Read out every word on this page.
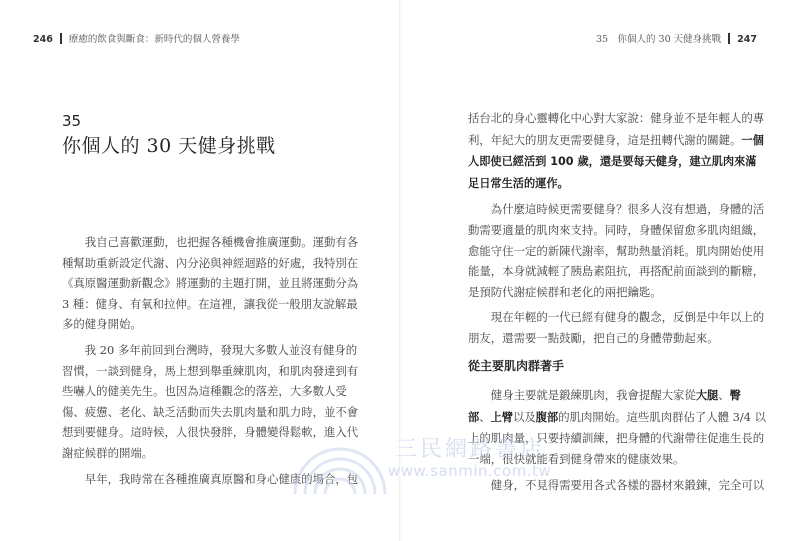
246 療癒的飲食與斷食：新時代的個人營養學
35
你個人的 30 天健身挑戰

我自己喜歡運動，也把握各種機會推廣運動。運動有各
種幫助重新設定代謝、內分泌與神經迴路的好處，我特別在
《真原醫運動新觀念》將運動的主題打開，並且將運動分為
3 種：健身、有氧和拉伸。在這裡，讓我從一般朋友說解最
多的健身開始。

我 20 多年前回到台灣時，發現大多數人並沒有健身的
習慣，一談到健身，馬上想到舉重練肌肉，和肌肉發達到有
些嚇人的健美先生。也因為這種觀念的落差，大多數人受
傷、疲憊、老化、缺乏活動而失去肌肉量和肌力時，並不會
想到要健身。這時候，人很快發胖，身體變得鬆軟，進入代
謝症候群的開端。

早年，我時常在各種推廣真原醫和身心健康的場合，包

35　你個人的 30 天健身挑戰 247

括台北的身心靈轉化中心對大家說：健身並不是年輕人的專
利，年紀大的朋友更需要健身，這是扭轉代謝的關鍵。一個
人即使已經活到 100 歲，還是要每天健身，建立肌肉來滿
足日常生活的運作。

為什麼這時候更需要健身？很多人沒有想過，身體的活
動需要適量的肌肉來支持。同時，身體保留愈多肌肉組織，
愈能守住一定的新陳代謝率，幫助熱量消耗。肌肉開始使用
能量，本身就減輕了胰島素阻抗，再搭配前面談到的斷糖，
是預防代謝症候群和老化的兩把鑰匙。

現在年輕的一代已經有健身的觀念，反倒是中年以上的
朋友，還需要一點鼓勵，把自己的身體帶動起來。

從主要肌肉群著手

健身主要就是鍛練肌肉，我會提醒大家從大腿、臀
部、上臂以及腹部的肌肉開始。這些肌肉群佔了人體 3/4 以
上的肌肉量，只要持續訓練，把身體的代謝帶往促進生長的
一端，很快就能看到健身帶來的健康效果。

健身，不見得需要用各式各樣的器材來鍛鍊，完全可以

三民網路書店
www.sanmin.com.tw
